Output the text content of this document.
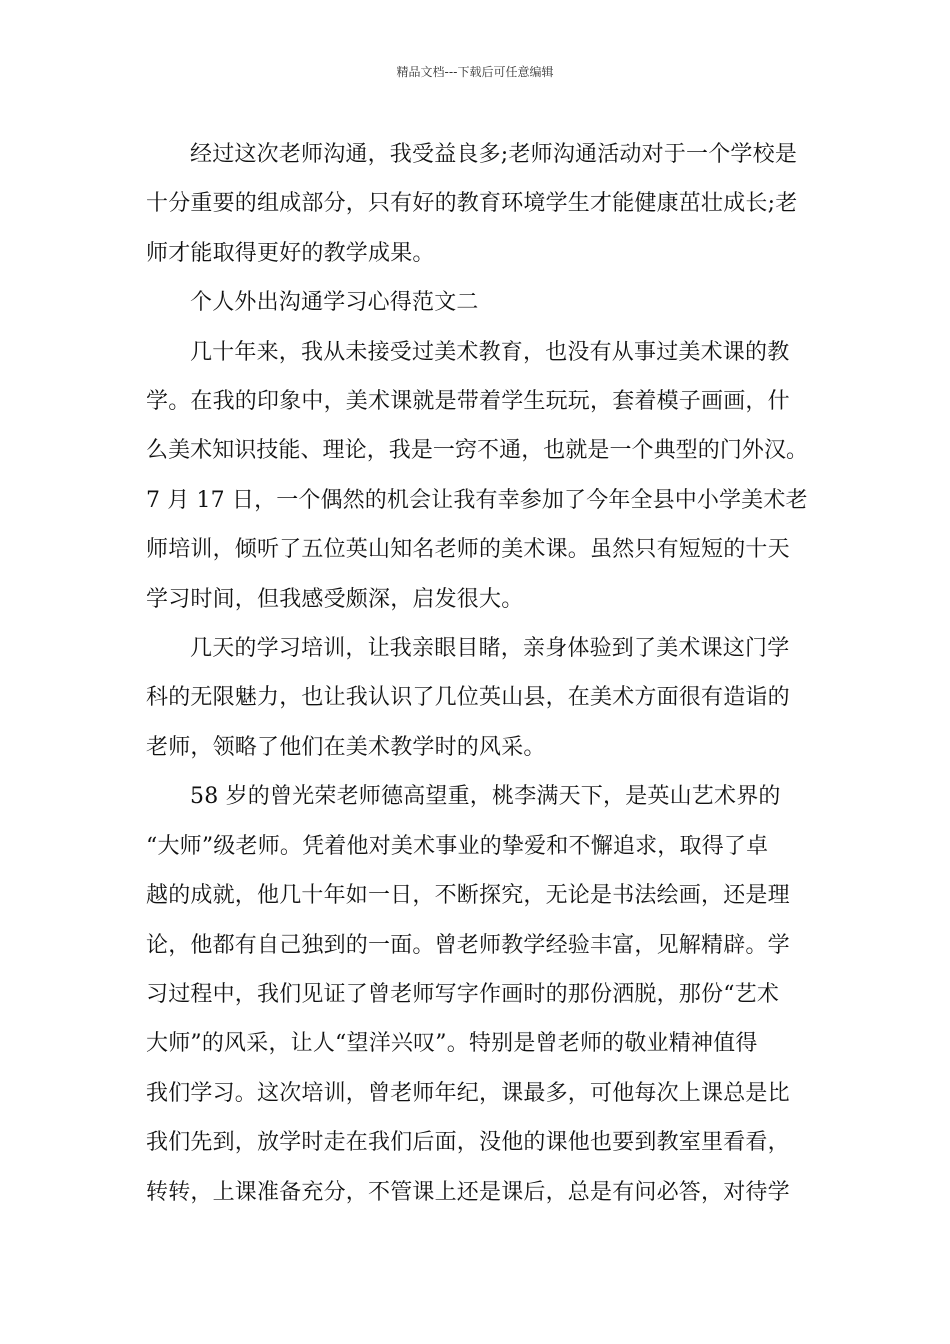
精品文档---下载后可任意编辑
经过这次老师沟通，我受益良多;老师沟通活动对于一个学校是
十分重要的组成部分，只有好的教育环境学生才能健康茁壮成长;老
师才能取得更好的教学成果。
个人外出沟通学习心得范文二
几十年来，我从未接受过美术教育，也没有从事过美术课的教
学。在我的印象中，美术课就是带着学生玩玩，套着模子画画，什
么美术知识技能、理论，我是一窍不通，也就是一个典型的门外汉。
7 月 17 日，一个偶然的机会让我有幸参加了今年全县中小学美术老
师培训，倾听了五位英山知名老师的美术课。虽然只有短短的十天
学习时间，但我感受颇深，启发很大。
几天的学习培训，让我亲眼目睹，亲身体验到了美术课这门学
科的无限魅力，也让我认识了几位英山县，在美术方面很有造诣的
老师，领略了他们在美术教学时的风采。
58 岁的曾光荣老师德高望重，桃李满天下，是英山艺术界的
“大师”级老师。凭着他对美术事业的挚爱和不懈追求，取得了卓
越的成就，他几十年如一日，不断探究，无论是书法绘画，还是理
论，他都有自己独到的一面。曾老师教学经验丰富，见解精辟。学
习过程中，我们见证了曾老师写字作画时的那份洒脱，那份“艺术
大师”的风采，让人“望洋兴叹”。特别是曾老师的敬业精神值得
我们学习。这次培训，曾老师年纪，课最多，可他每次上课总是比
我们先到，放学时走在我们后面，没他的课他也要到教室里看看，
转转，上课准备充分，不管课上还是课后，总是有问必答，对待学
